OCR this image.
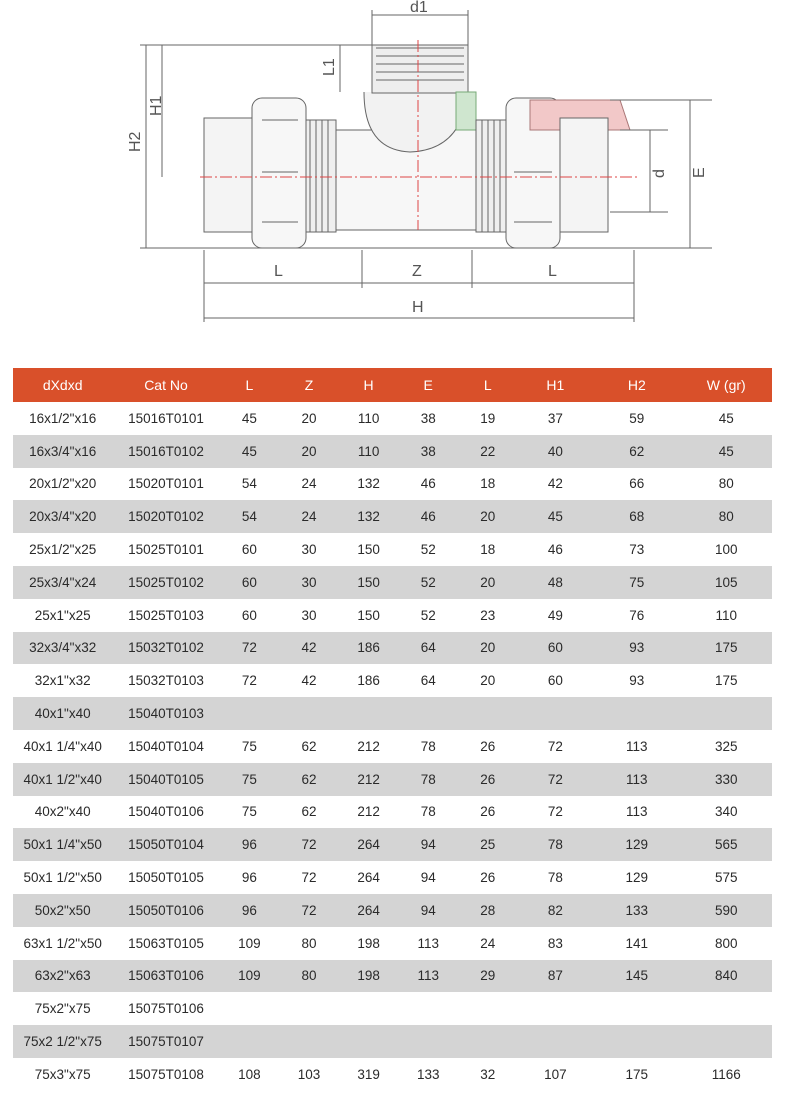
d1
L1
H1
H2
d E
L	Z	L
H
dXdxd	Cat No	L	Z	H	E	L	H1	H2	W (gr)
16x1/2"x16	15016T0101	45	20	110	38	19	37	59	45
16x3/4"x16	15016T0102	45	20	110	38	22	40	62	45
20x1/2"x20	15020T0101	54	24	132	46	18	42	66	80
20x3/4"x20	15020T0102	54	24	132	46	20	45	68	80
25x1/2"x25	15025T0101	60	30	150	52	18	46	73	100
25x3/4"x24	15025T0102	60	30	150	52	20	48	75	105
25x1"x25	15025T0103	60	30	150	52	23	49	76	110
32x3/4"x32	15032T0102	72	42	186	64	20	60	93	175
32x1"x32	15032T0103	72	42	186	64	20	60	93	175
40x1"x40	15040T0103								
40x1 1/4"x40	15040T0104	75	62	212	78	26	72	113	325
40x1 1/2"x40	15040T0105	75	62	212	78	26	72	113	330
40x2"x40	15040T0106	75	62	212	78	26	72	113	340
50x1 1/4"x50	15050T0104	96	72	264	94	25	78	129	565
50x1 1/2"x50	15050T0105	96	72	264	94	26	78	129	575
50x2"x50	15050T0106	96	72	264	94	28	82	133	590
63x1 1/2"x50	15063T0105	109	80	198	113	24	83	141	800
63x2"x63	15063T0106	109	80	198	113	29	87	145	840
75x2"x75	15075T0106								
75x2 1/2"x75	15075T0107								
75x3"x75	15075T0108	108	103	319	133	32	107	175	1166
